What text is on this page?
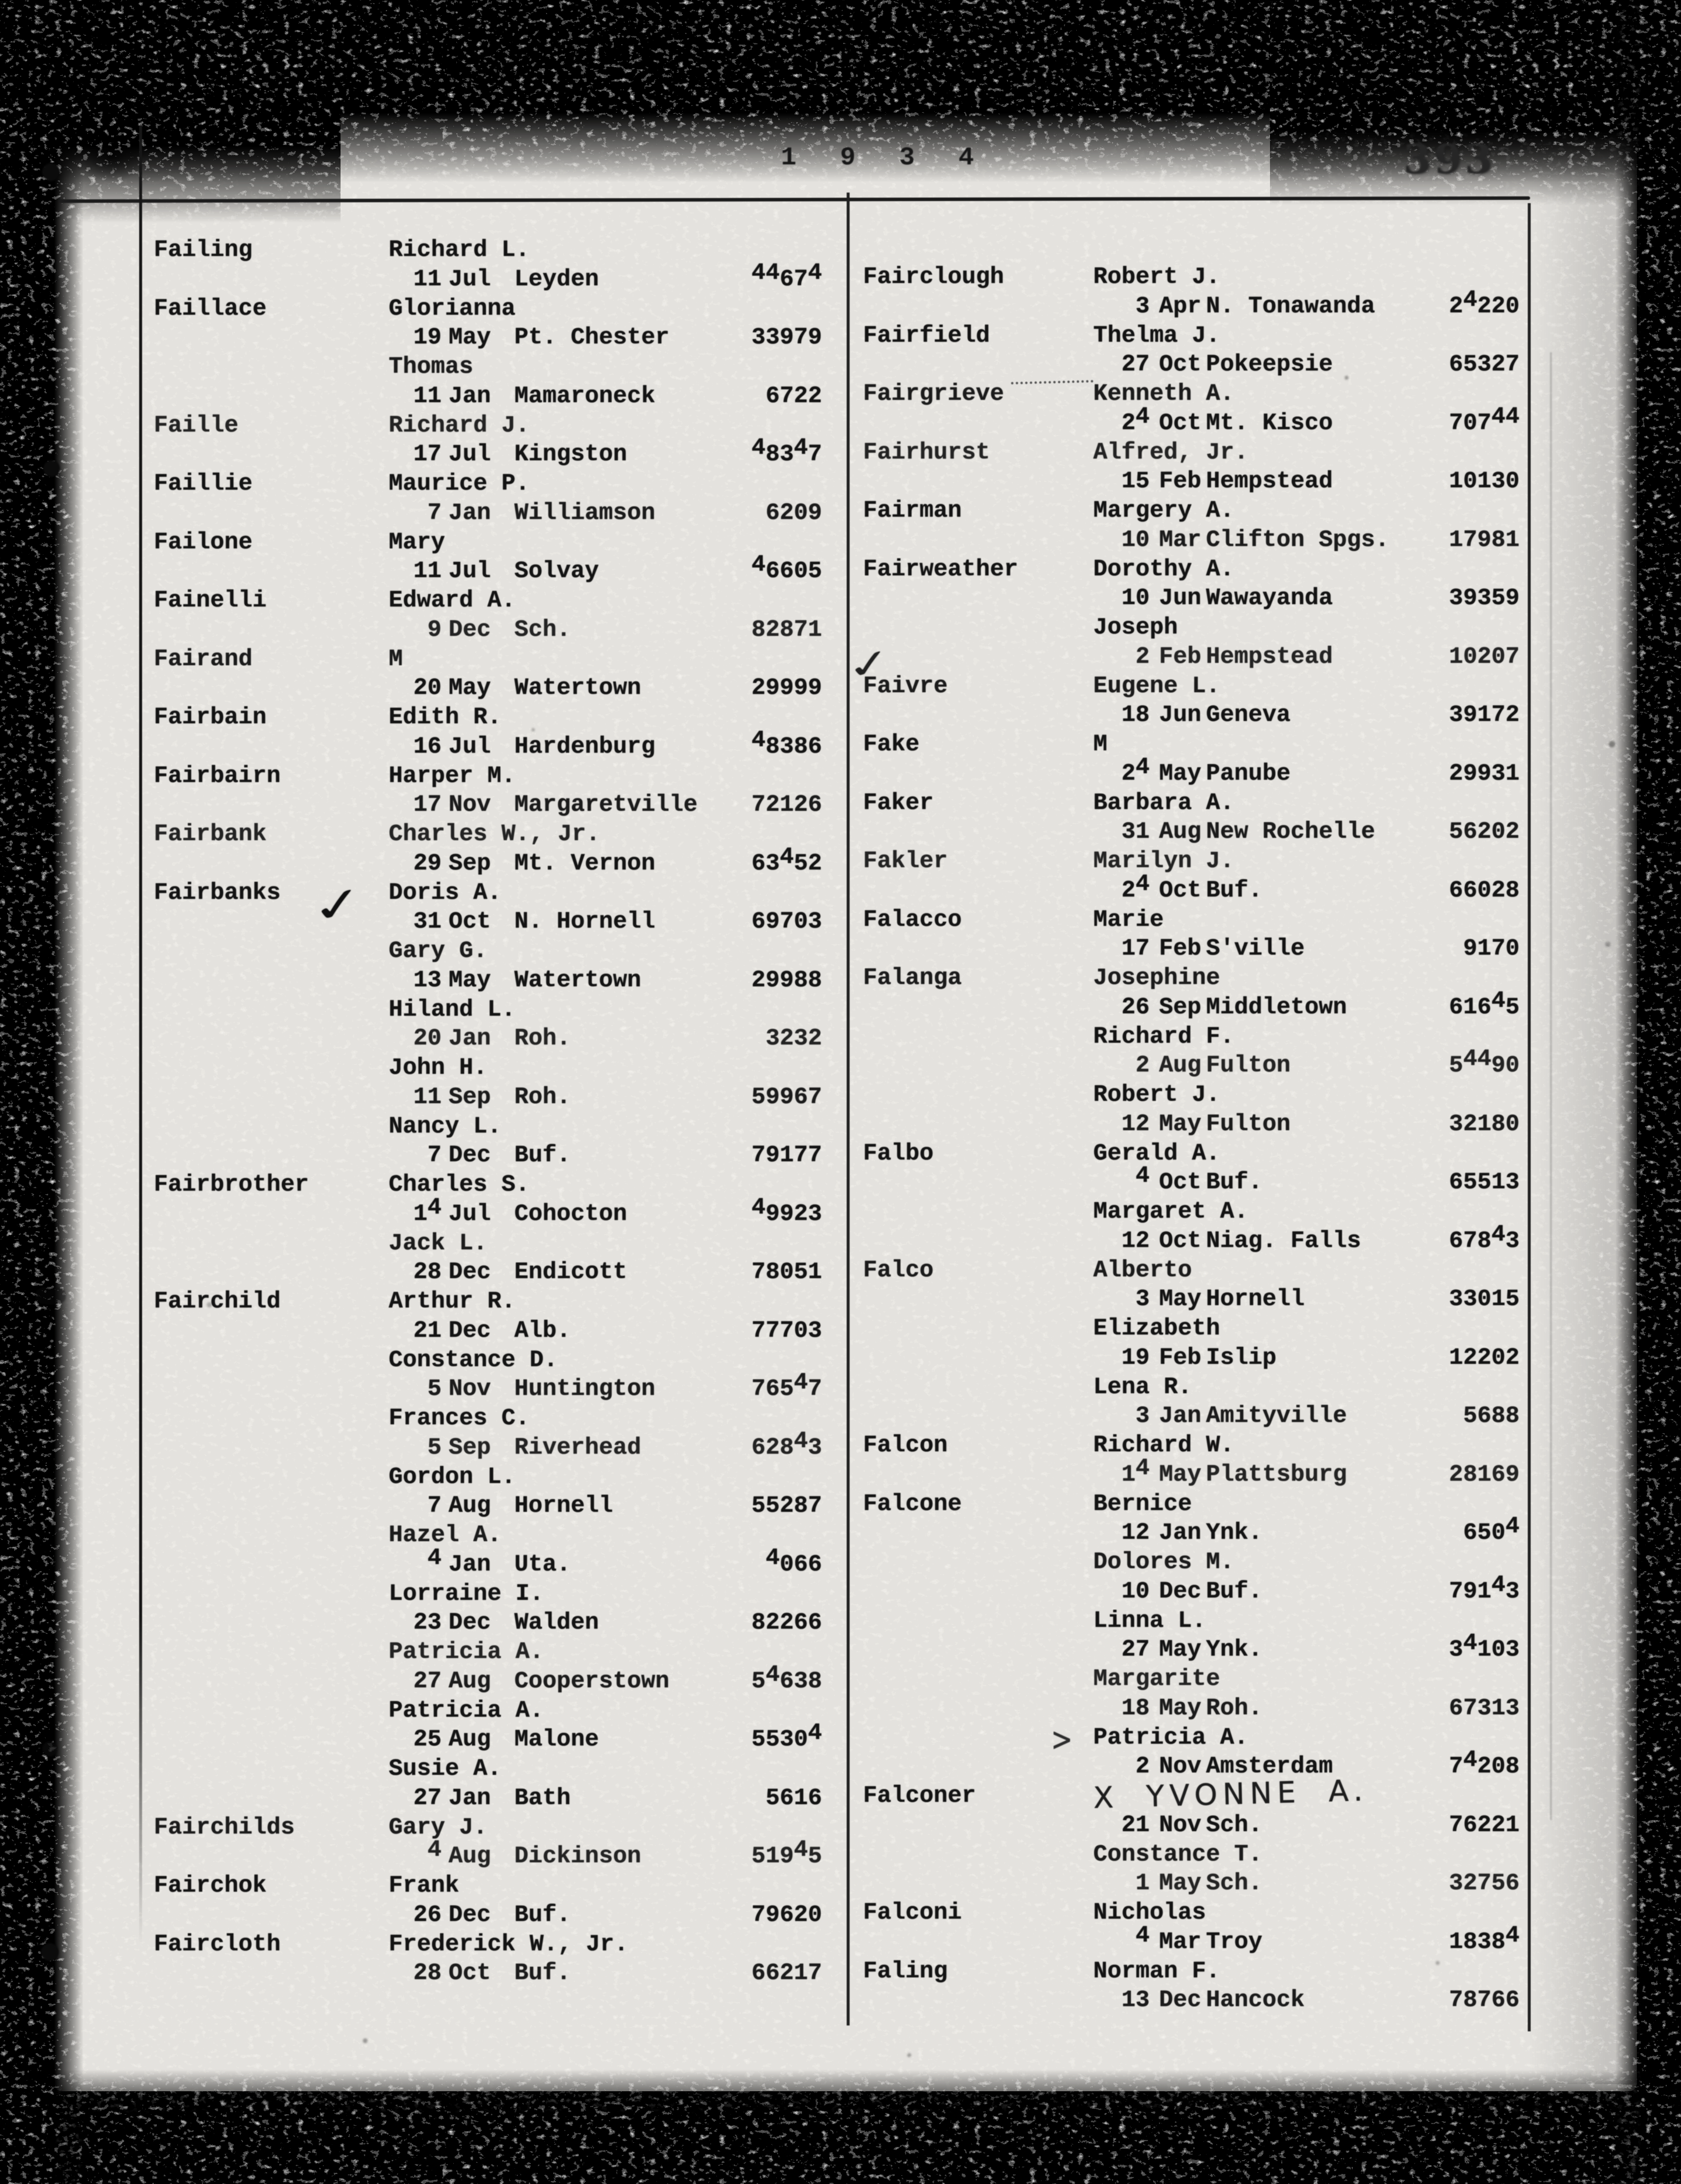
1 9 3 4	393
Failing	Richard L.
11 Jul Leyden	44674
Faillace	Glorianna
19 May Pt. Chester	33979
Thomas
11 Jan Mamaroneck	6722
Faille	Richard J.
17 Jul Kingston	48347
Faillie	Maurice P.
7 Jan Williamson	6209
Failone	Mary
11 Jul Solvay	46605
Fainelli	Edward A.
9 Dec Sch.	82871
Fairand	M
20 May Watertown	29999
Fairbain	Edith R.
16 Jul Hardenburg	48386
Fairbairn	Harper M.
17 Nov Margaretville	72126
Fairbank	Charles W., Jr.
29 Sep Mt. Vernon	63452
Fairbanks ✓ Doris A.
31 Oct N. Hornell	69703
Gary G.
13 May Watertown	29988
Hiland L.
20 Jan Roh.	3232
John H.
11 Sep Roh.	59967
Nancy L.
7 Dec Buf.	79177
Fairbrother	Charles S.
14 Jul Cohocton	49923
Jack L.
28 Dec Endicott	78051
Fairchild	Arthur R.
21 Dec Alb.	77703
Constance D.
5 Nov Huntington	76547
Frances C.
5 Sep Riverhead	62843
Gordon L.
7 Aug Hornell	55287
Hazel A.
4 Jan Uta.	4066
Lorraine I.
23 Dec Walden	82266
Patricia A.
27 Aug Cooperstown	54638
Patricia A.
25 Aug Malone	55304
Susie A.
27 Jan Bath	5616
Fairchilds	Gary J.
4 Aug Dickinson	51945
Fairchok	Frank
26 Dec Buf.	79620
Faircloth	Frederick W., Jr.
28 Oct Buf.	66217
Fairclough	Robert J.
3 Apr N. Tonawanda	24220
Fairfield	Thelma J.
27 Oct Pokeepsie	65327
Fairgrieve	Kenneth A.
24 Oct Mt. Kisco	70744
Fairhurst	Alfred, Jr.
15 Feb Hempstead	10130
Fairman	Margery A.
10 Mar Clifton Spgs.	17981
Fairweather	Dorothy A.
10 Jun Wawayanda	39359
Joseph
✓	2 Feb Hempstead	10207
Faivre	Eugene L.
18 Jun Geneva	39172
Fake	M
24 May Panube	29931
Faker	Barbara A.
31 Aug New Rochelle	56202
Fakler	Marilyn J.
24 Oct Buf.	66028
Falacco	Marie
17 Feb S'ville	9170
Falanga	Josephine
26 Sep Middletown	61645
Richard F.
2 Aug Fulton	54490
Robert J.
12 May Fulton	32180
Falbo	Gerald A.
4 Oct Buf.	65513
Margaret A.
12 Oct Niag. Falls	67843
Falco	Alberto
3 May Hornell	33015
Elizabeth
19 Feb Islip	12202
Lena R.
3 Jan Amityville	5688
Falcon	Richard W.
14 May Plattsburg	28169
Falcone	Bernice
12 Jan Ynk.	6504
Dolores M.
10 Dec Buf.	79143
Linna L.
27 May Ynk.	34103
Margarite
18 May Roh.	67313
> Patricia A.
2 Nov Amsterdam	74208
Falconer	X YVONNE A.
21 Nov Sch.	76221
Constance T.
1 May Sch.	32756
Falconi	Nicholas
4 Mar Troy	18384
Faling	Norman F.
13 Dec Hancock	78766
